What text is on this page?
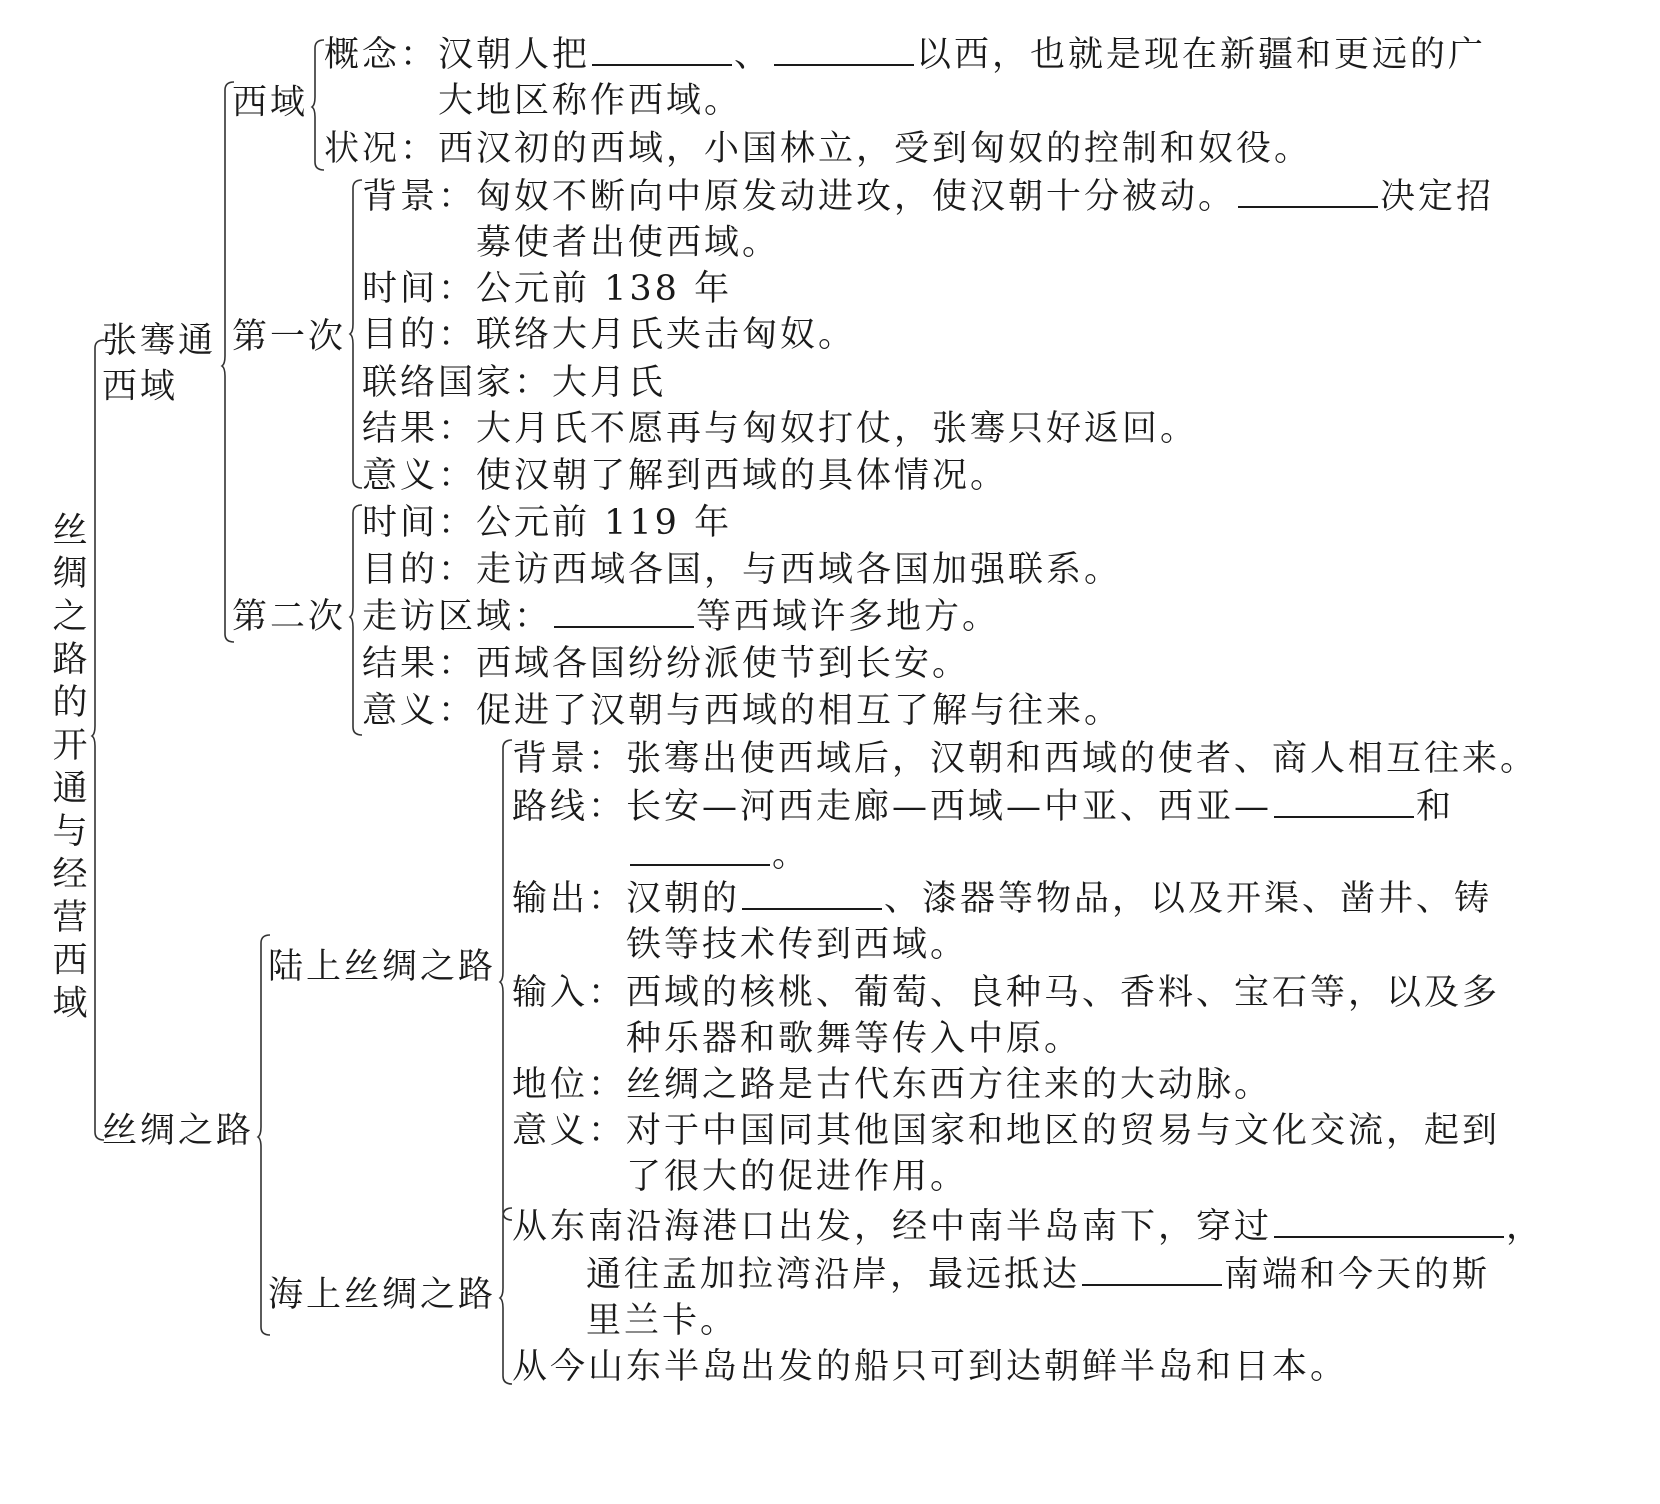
丝绸之路的开通与经营西域
张骞通
西域
丝绸之路
西域
第一次
第二次
陆上丝绸之路
海上丝绸之路
概念：汉朝人把	、	以西，也就是现在新疆和更远的广
大地区称作西域。
状况：西汉初的西域，小国林立，受到匈奴的控制和奴役。
背景：匈奴不断向中原发动进攻，使汉朝十分被动。	决定招
募使者出使西域。
时间：公元前 138 年
目的：联络大月氏夹击匈奴。
联络国家：大月氏
结果：大月氏不愿再与匈奴打仗，张骞只好返回。
意义：使汉朝了解到西域的具体情况。
时间：公元前 119 年
目的：走访西域各国，与西域各国加强联系。
走访区域：	等西域许多地方。
结果：西域各国纷纷派使节到长安。
意义：促进了汉朝与西域的相互了解与往来。
背景：张骞出使西域后，汉朝和西域的使者、商人相互往来。
路线：长安—河西走廊—西域—中亚、西亚—	和
。
输出：汉朝的	、漆器等物品，以及开渠、凿井、铸
铁等技术传到西域。
输入：西域的核桃、葡萄、良种马、香料、宝石等，以及多
种乐器和歌舞等传入中原。
地位：丝绸之路是古代东西方往来的大动脉。
意义：对于中国同其他国家和地区的贸易与文化交流，起到
了很大的促进作用。
从东南沿海港口出发，经中南半岛南下，穿过	，
通往孟加拉湾沿岸，最远抵达	南端和今天的斯
里兰卡。
从今山东半岛出发的船只可到达朝鲜半岛和日本。
